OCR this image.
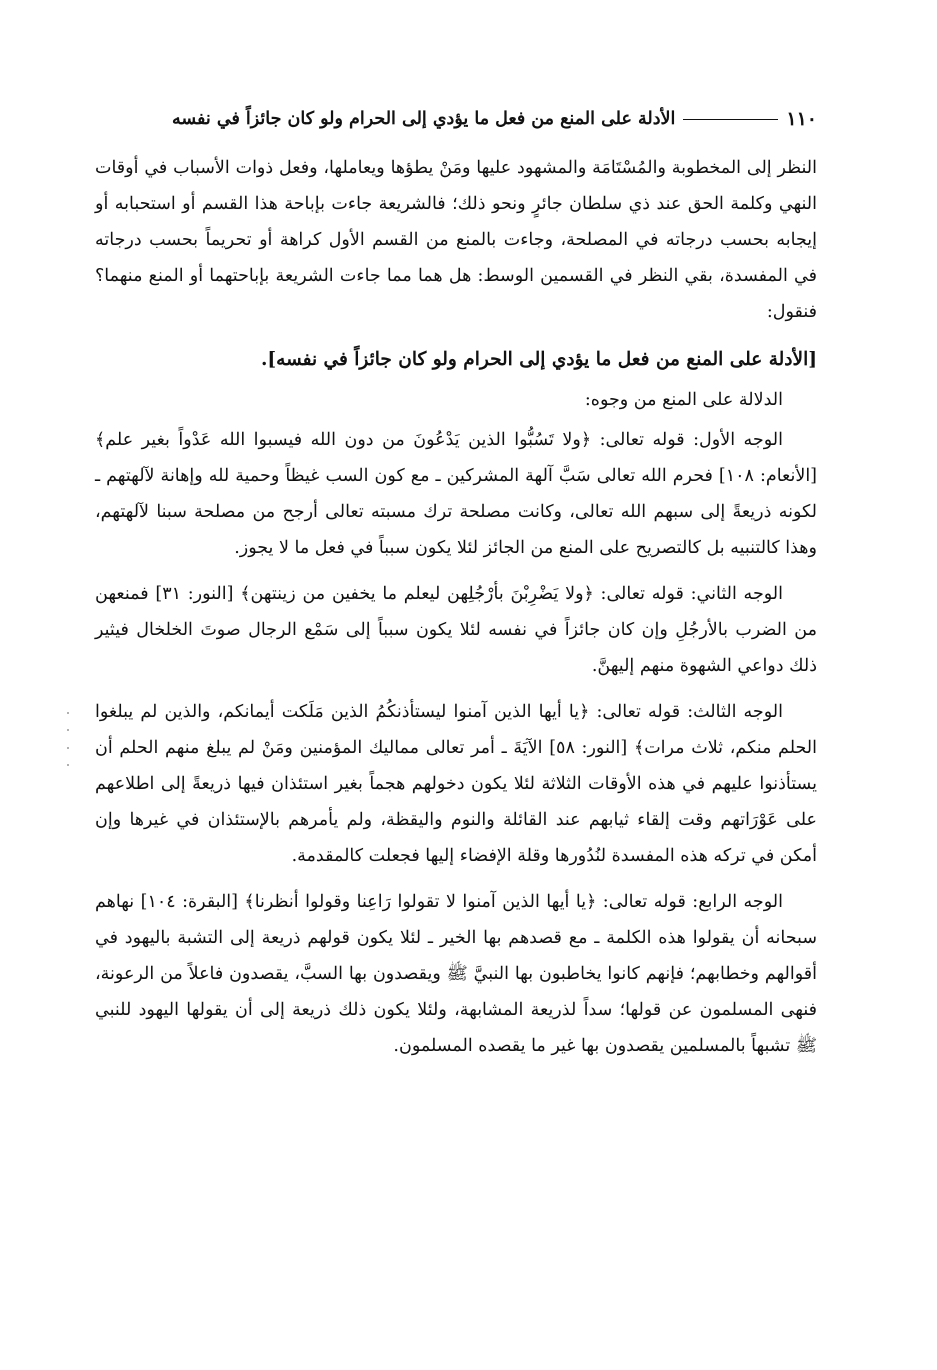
١١٠
الأدلة على المنع من فعل ما يؤدي إلى الحرام ولو كان جائزاً في نفسه

النظر إلى المخطوبة والمُسْتَامَة والمشهود عليها ومَنْ يطؤها ويعاملها، وفعل ذوات الأسباب في أوقات النهي وكلمة الحق عند ذي سلطان جائرٍ ونحو ذلك؛ فالشريعة جاءت بإباحة هذا القسم أو استحبابه أو إيجابه بحسب درجاته في المصلحة، وجاءت بالمنع من القسم الأول كراهة أو تحريماً بحسب درجاته في المفسدة، بقي النظر في القسمين الوسط: هل هما مما جاءت الشريعة بإباحتهما أو المنع منهما؟ فنقول:

[الأدلة على المنع من فعل ما يؤدي إلى الحرام ولو كان جائزاً في نفسه].

الدلالة على المنع من وجوه:

الوجه الأول: قوله تعالى: ﴿ولا تَسُبُّوا الذين يَدْعُونَ من دون الله فيسبوا الله عَدْواً بغير علم﴾ [الأنعام: ١٠٨] فحرم الله تعالى سَبَّ آلهة المشركين ـ مع كون السب غيظاً وحمية لله وإهانة لآلهتهم ـ لكونه ذريعةً إلى سبهم الله تعالى، وكانت مصلحة ترك مسبته تعالى أرجح من مصلحة سبنا لآلهتهم، وهذا كالتنبيه بل كالتصريح على المنع من الجائز لئلا يكون سبباً في فعل ما لا يجوز.

الوجه الثاني: قوله تعالى: ﴿ولا يَضْرِبْنَ بأرْجُلِهن ليعلم ما يخفين من زينتهن﴾ [النور: ٣١] فمنعهن من الضرب بالأرجُلِ وإن كان جائزاً في نفسه لئلا يكون سبباً إلى سَمْع الرجال صوتَ الخلخال فيثير ذلك دواعي الشهوة منهم إليهنَّ.

الوجه الثالث: قوله تعالى: ﴿يا أيها الذين آمنوا ليستأذنكُمُ الذين مَلَكت أيمانكم، والذين لم يبلغوا الحلم منكم، ثلاث مرات﴾ [النور: ٥٨] الآيَةَ ـ أمر تعالى مماليك المؤمنين ومَنْ لم يبلغ منهم الحلم أن يستأذنوا عليهم في هذه الأوقات الثلاثة لئلا يكون دخولهم هجماً بغير استئذان فيها ذريعةً إلى اطلاعهم على عَوْرَاتهم وقت إلقاء ثيابهم عند القائلة والنوم واليقظة، ولم يأمرهم بالإستئذان في غيرها وإن أمكن في تركه هذه المفسدة لنُدُورها وقلة الإفضاء إليها فجعلت كالمقدمة.

الوجه الرابع: قوله تعالى: ﴿يا أيها الذين آمنوا لا تقولوا رَاعِنا وقولوا أنظرنا﴾ [البقرة: ١٠٤] نهاهم سبحانه أن يقولوا هذه الكلمة ـ مع قصدهم بها الخير ـ لئلا يكون قولهم ذريعة إلى التشبة باليهود في أقوالهم وخطابهم؛ فإنهم كانوا يخاطبون بها النبيَّ ﷺ ويقصدون بها السبَّ، يقصدون فاعلاً من الرعونة، فنهى المسلمون عن قولها؛ سداً لذريعة المشابهة، ولئلا يكون ذلك ذريعة إلى أن يقولها اليهود للنبي ﷺ تشبهاً بالمسلمين يقصدون بها غير ما يقصده المسلمون.
